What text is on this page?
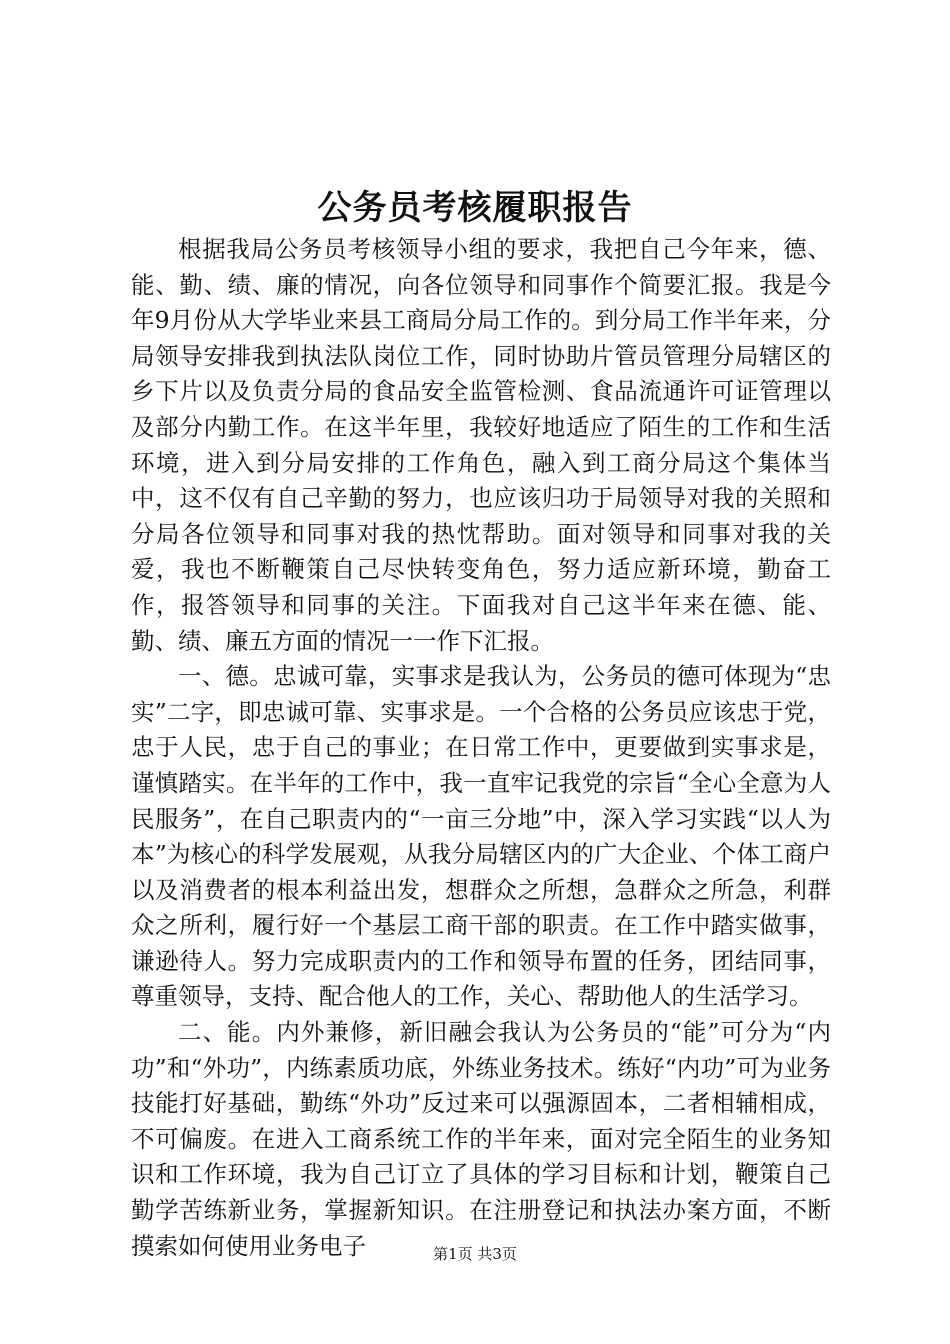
公务员考核履职报告

根据我局公务员考核领导小组的要求，我把自己今年来，德、能、勤、绩、廉的情况，向各位领导和同事作个简要汇报。我是今年9月份从大学毕业来县工商局分局工作的。到分局工作半年来，分局领导安排我到执法队岗位工作，同时协助片管员管理分局辖区的乡下片以及负责分局的食品安全监管检测、食品流通许可证管理以及部分内勤工作。在这半年里，我较好地适应了陌生的工作和生活环境，进入到分局安排的工作角色，融入到工商分局这个集体当中，这不仅有自己辛勤的努力，也应该归功于局领导对我的关照和分局各位领导和同事对我的热忱帮助。面对领导和同事对我的关爱，我也不断鞭策自己尽快转变角色，努力适应新环境，勤奋工作，报答领导和同事的关注。下面我对自己这半年来在德、能、勤、绩、廉五方面的情况一一作下汇报。

一、德。忠诚可靠，实事求是我认为，公务员的德可体现为“忠实”二字，即忠诚可靠、实事求是。一个合格的公务员应该忠于党，忠于人民，忠于自己的事业；在日常工作中，更要做到实事求是，谨慎踏实。在半年的工作中，我一直牢记我党的宗旨“全心全意为人民服务”，在自己职责内的“一亩三分地”中，深入学习实践“以人为本”为核心的科学发展观，从我分局辖区内的广大企业、个体工商户以及消费者的根本利益出发，想群众之所想，急群众之所急，利群众之所利，履行好一个基层工商干部的职责。在工作中踏实做事，谦逊待人。努力完成职责内的工作和领导布置的任务，团结同事，尊重领导，支持、配合他人的工作，关心、帮助他人的生活学习。

二、能。内外兼修，新旧融会我认为公务员的“能”可分为“内功”和“外功”，内练素质功底，外练业务技术。练好“内功”可为业务技能打好基础，勤练“外功”反过来可以强源固本，二者相辅相成，不可偏废。在进入工商系统工作的半年来，面对完全陌生的业务知识和工作环境，我为自己订立了具体的学习目标和计划，鞭策自己勤学苦练新业务，掌握新知识。在注册登记和执法办案方面，不断摸索如何使用业务电子	第1页 共3页
